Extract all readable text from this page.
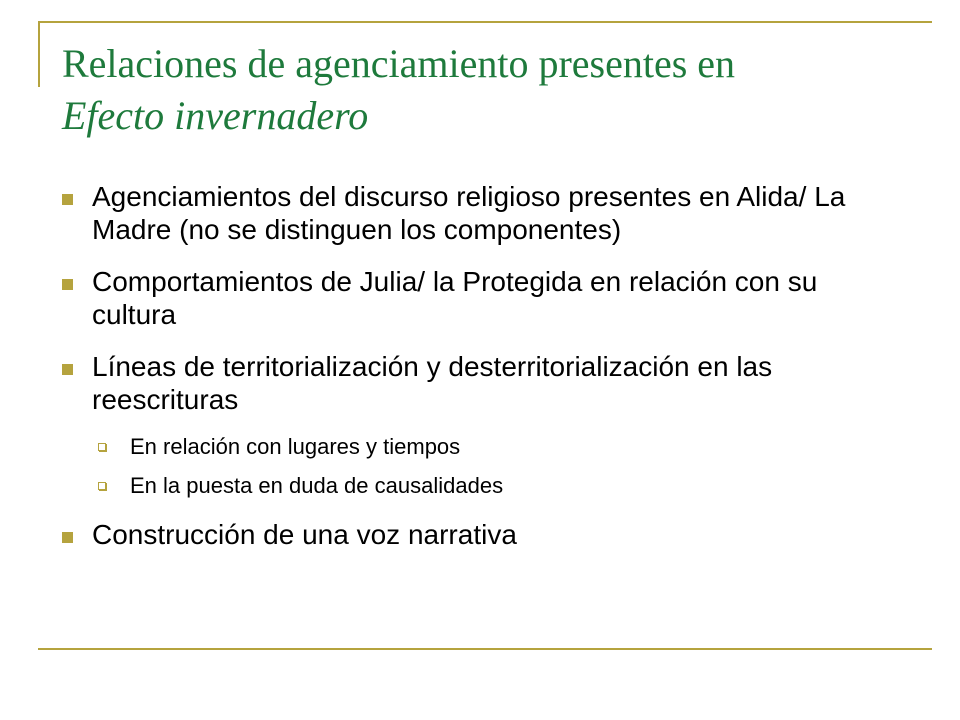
Relaciones de agenciamiento presentes en
Efecto invernadero
Agenciamientos del discurso religioso presentes en Alida/ La Madre (no se distinguen los componentes)
Comportamientos de Julia/ la Protegida en relación con su cultura
Líneas de territorialización y desterritorialización en las reescrituras
En relación con lugares y tiempos
En la puesta en duda de causalidades
Construcción de una voz narrativa
